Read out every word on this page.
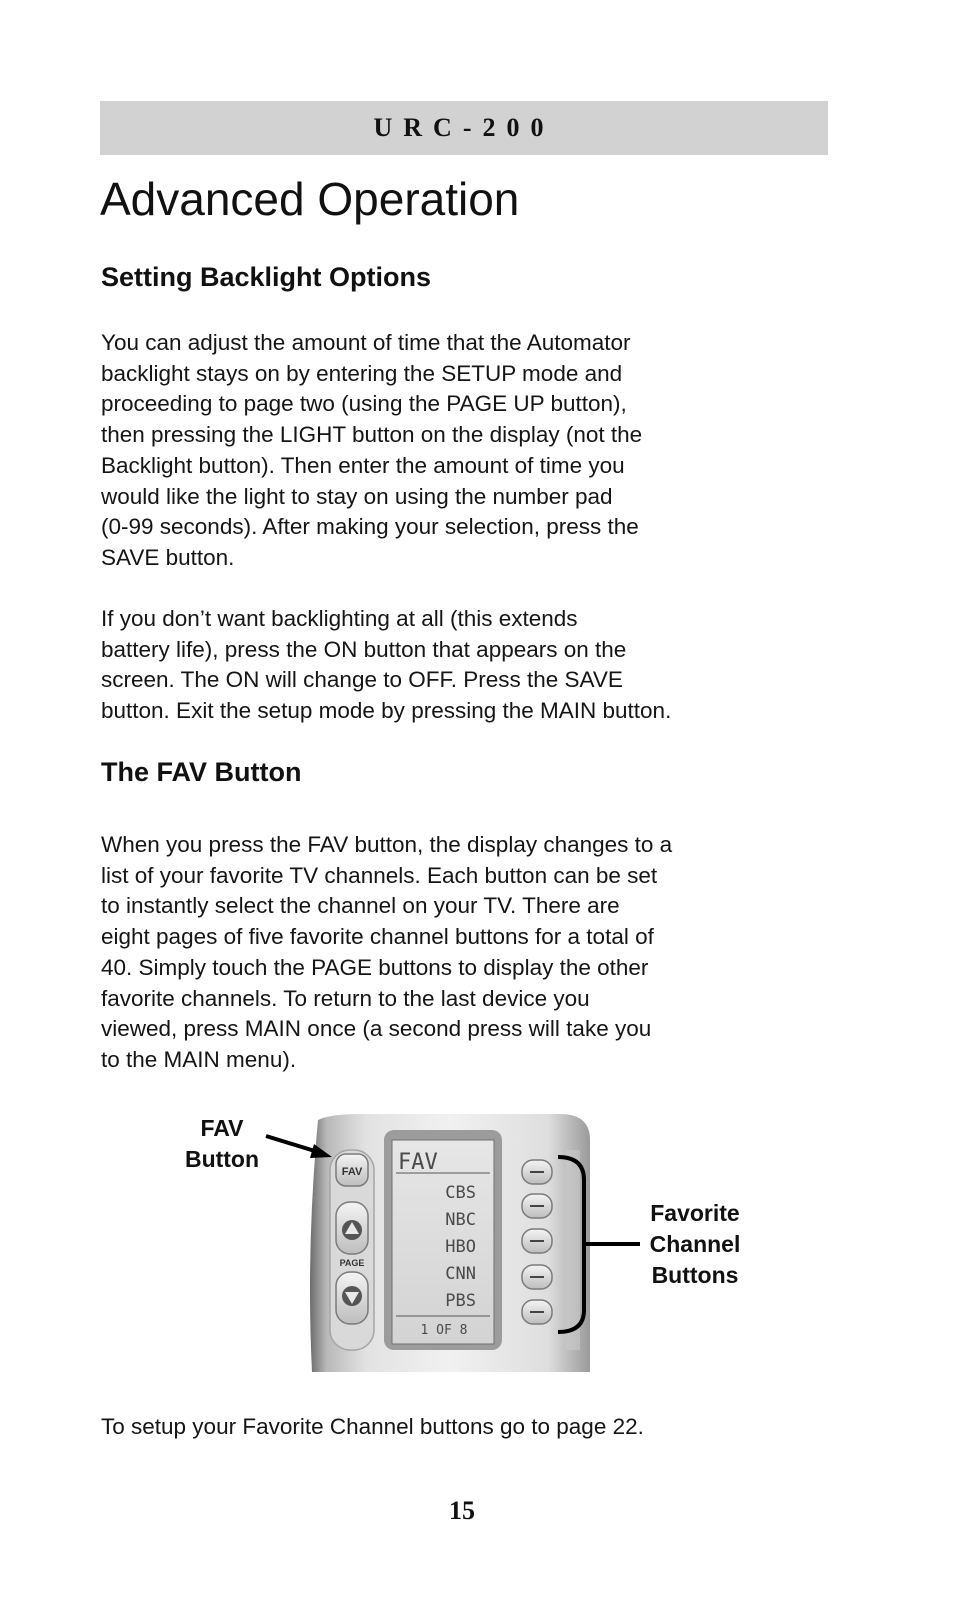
URC-200
Advanced Operation
Setting Backlight Options

You can adjust the amount of time that the Automator
backlight stays on by entering the SETUP mode and
proceeding to page two (using the PAGE UP button),
then pressing the LIGHT button on the display (not the
Backlight button). Then enter the amount of time you
would like the light to stay on using the number pad
(0-99 seconds). After making your selection, press the
SAVE button.

If you don’t want backlighting at all (this extends
battery life), press the ON button that appears on the
screen. The ON will change to OFF. Press the SAVE
button. Exit the setup mode by pressing the MAIN button.

The FAV Button

When you press the FAV button, the display changes to a
list of your favorite TV channels. Each button can be set
to instantly select the channel on your TV. There are
eight pages of five favorite channel buttons for a total of
40. Simply touch the PAGE buttons to display the other
favorite channels. To return to the last device you
viewed, press MAIN once (a second press will take you
to the MAIN menu).

FAV
Button
Favorite
Channel
Buttons
FAV
PAGE
FAV
CBS
NBC
HBO
CNN
PBS
1 OF 8

To setup your Favorite Channel buttons go to page 22.

15
